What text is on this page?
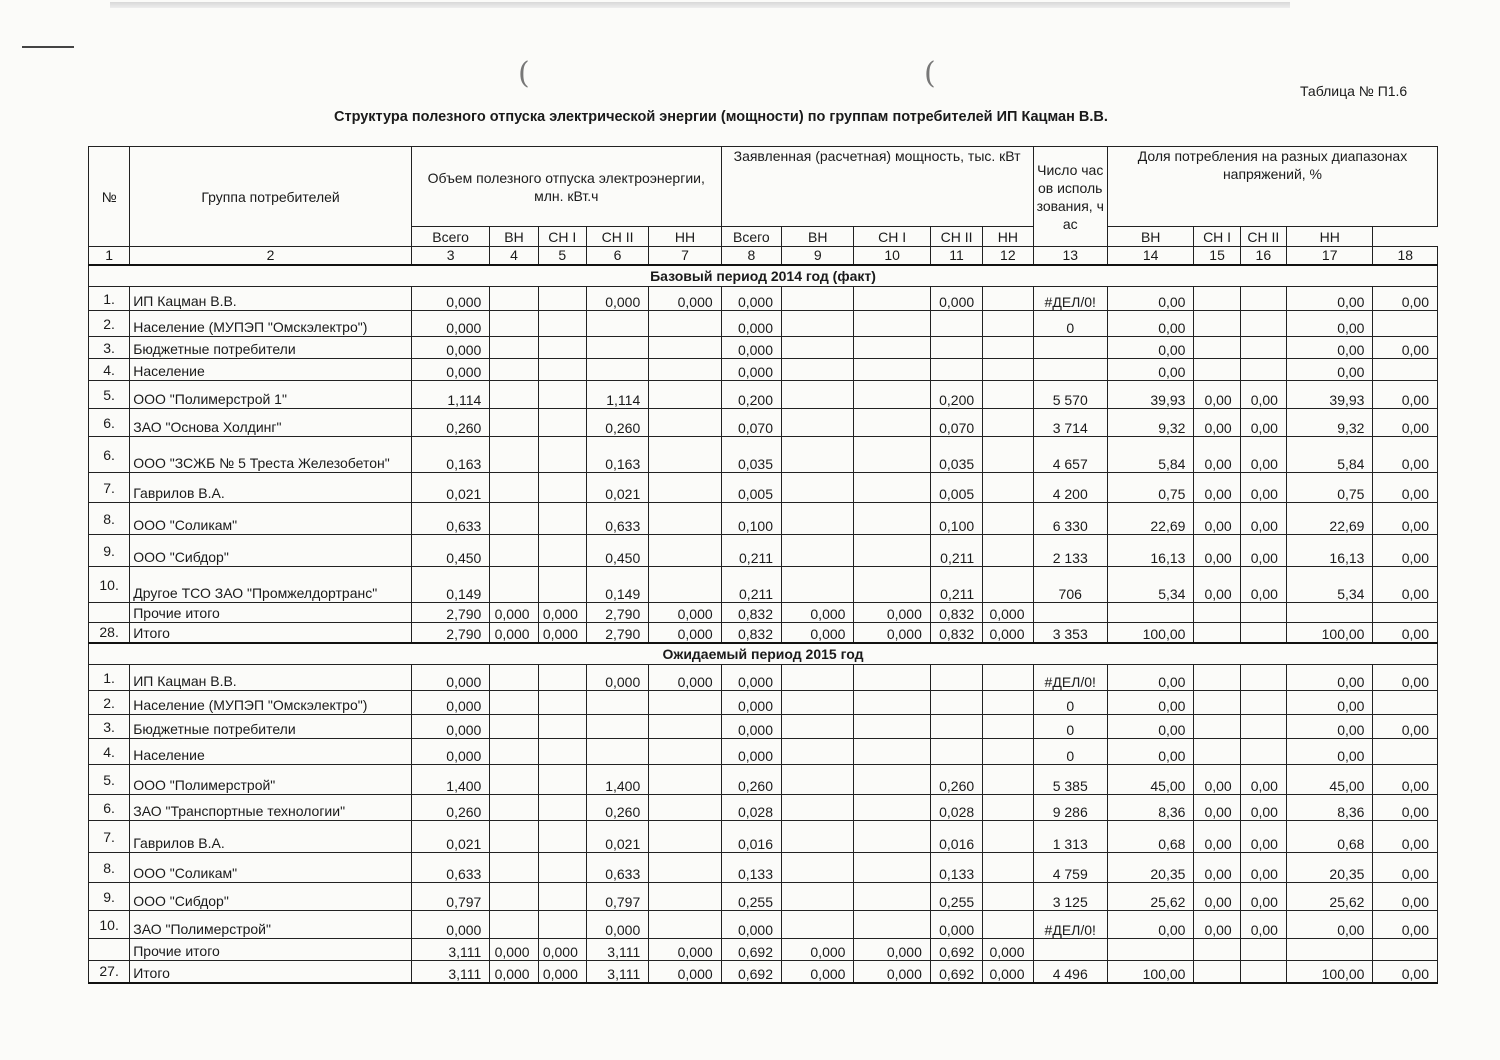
(	(	Таблица № П1.6
Структура полезного отпуска электрической энергии (мощности) по группам потребителей ИП Кацман В.В.
№	Группа потребителей	Объем полезного отпуска электроэнергии, млн. кВт.ч					Заявленная (расчетная) мощность, тыс. кВт					Число часов использования, час	Доля потребления на разных диапазонах напряжений, %				
		Всего	ВН	СН I	СН II	НН	Всего	ВН	СН I	СН II	НН		ВН	СН I	СН II	НН	
1	2	3	4	5	6	7	8	9	10	11	12	13	14	15	16	17	18
Базовый период 2014 год (факт)																	
1.	ИП Кацман В.В.	0,000			0,000	0,000	0,000			0,000		#ДЕЛ/0!	0,00			0,00	0,00
2.	Население (МУПЭП "Омскэлектро")	0,000					0,000					0	0,00			0,00	
3.	Бюджетные потребители	0,000					0,000						0,00			0,00	0,00
4.	Население	0,000					0,000						0,00			0,00	
5.	ООО "Полимерстрой 1"	1,114			1,114		0,200			0,200		5 570	39,93	0,00	0,00	39,93	0,00
6.	ЗАО "Основа Холдинг"	0,260			0,260		0,070			0,070		3 714	9,32	0,00	0,00	9,32	0,00
6.	ООО "ЗСЖБ № 5 Треста Железобетон"	0,163			0,163		0,035			0,035		4 657	5,84	0,00	0,00	5,84	0,00
7.	Гаврилов В.А.	0,021			0,021		0,005			0,005		4 200	0,75	0,00	0,00	0,75	0,00
8.	ООО "Соликам"	0,633			0,633		0,100			0,100		6 330	22,69	0,00	0,00	22,69	0,00
9.	ООО "Сибдор"	0,450			0,450		0,211			0,211		2 133	16,13	0,00	0,00	16,13	0,00
10.	Другое ТСО ЗАО "Промжелдортранс"	0,149			0,149		0,211			0,211		706	5,34	0,00	0,00	5,34	0,00
	Прочие итого	2,790	0,000	0,000	2,790	0,000	0,832	0,000	0,000	0,832	0,000						
28.	Итого	2,790	0,000	0,000	2,790	0,000	0,832	0,000	0,000	0,832	0,000	3 353	100,00			100,00	0,00
Ожидаемый период 2015 год																	
1.	ИП Кацман В.В.	0,000			0,000	0,000	0,000					#ДЕЛ/0!	0,00			0,00	0,00
2.	Население (МУПЭП "Омскэлектро")	0,000					0,000					0	0,00			0,00	
3.	Бюджетные потребители	0,000					0,000					0	0,00			0,00	0,00
4.	Население	0,000					0,000					0	0,00			0,00	
5.	ООО "Полимерстрой"	1,400			1,400		0,260			0,260		5 385	45,00	0,00	0,00	45,00	0,00
6.	ЗАО "Транспортные технологии"	0,260			0,260		0,028			0,028		9 286	8,36	0,00	0,00	8,36	0,00
7.	Гаврилов В.А.	0,021			0,021		0,016			0,016		1 313	0,68	0,00	0,00	0,68	0,00
8.	ООО "Соликам"	0,633			0,633		0,133			0,133		4 759	20,35	0,00	0,00	20,35	0,00
9.	ООО "Сибдор"	0,797			0,797		0,255			0,255		3 125	25,62	0,00	0,00	25,62	0,00
10.	ЗАО "Полимерстрой"	0,000			0,000		0,000			0,000		#ДЕЛ/0!	0,00	0,00	0,00	0,00	0,00
	Прочие итого	3,111	0,000	0,000	3,111	0,000	0,692	0,000	0,000	0,692	0,000						
27.	Итого	3,111	0,000	0,000	3,111	0,000	0,692	0,000	0,000	0,692	0,000	4 496	100,00			100,00	0,00
